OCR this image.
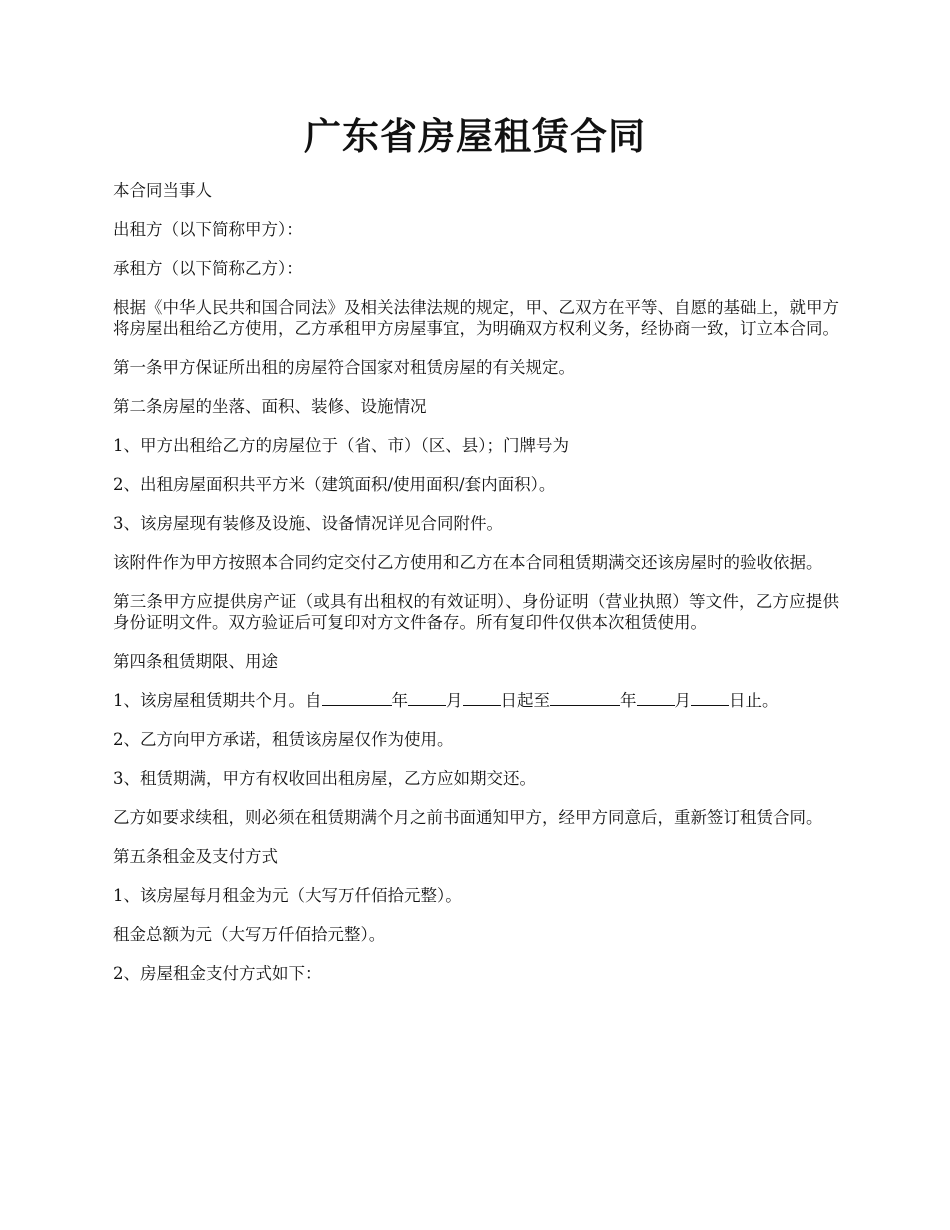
广东省房屋租赁合同

本合同当事人

出租方（以下简称甲方）：

承租方（以下简称乙方）：

根据《中华人民共和国合同法》及相关法律法规的规定，甲、乙双方在平等、自愿的基础上，就甲方将房屋出租给乙方使用，乙方承租甲方房屋事宜，为明确双方权利义务，经协商一致，订立本合同。

第一条甲方保证所出租的房屋符合国家对租赁房屋的有关规定。

第二条房屋的坐落、面积、装修、设施情况

1、甲方出租给乙方的房屋位于（省、市）（区、县）；门牌号为

2、出租房屋面积共平方米（建筑面积/使用面积/套内面积）。

3、该房屋现有装修及设施、设备情况详见合同附件。

该附件作为甲方按照本合同约定交付乙方使用和乙方在本合同租赁期满交还该房屋时的验收依据。

第三条甲方应提供房产证（或具有出租权的有效证明）、身份证明（营业执照）等文件，乙方应提供身份证明文件。双方验证后可复印对方文件备存。所有复印件仅供本次租赁使用。

第四条租赁期限、用途

1、该房屋租赁期共个月。自	年 月 日起至	年 月 日止。

2、乙方向甲方承诺，租赁该房屋仅作为使用。

3、租赁期满，甲方有权收回出租房屋，乙方应如期交还。

乙方如要求续租，则必须在租赁期满个月之前书面通知甲方，经甲方同意后，重新签订租赁合同。

第五条租金及支付方式

1、该房屋每月租金为元（大写万仟佰拾元整）。

租金总额为元（大写万仟佰拾元整）。

2、房屋租金支付方式如下：
